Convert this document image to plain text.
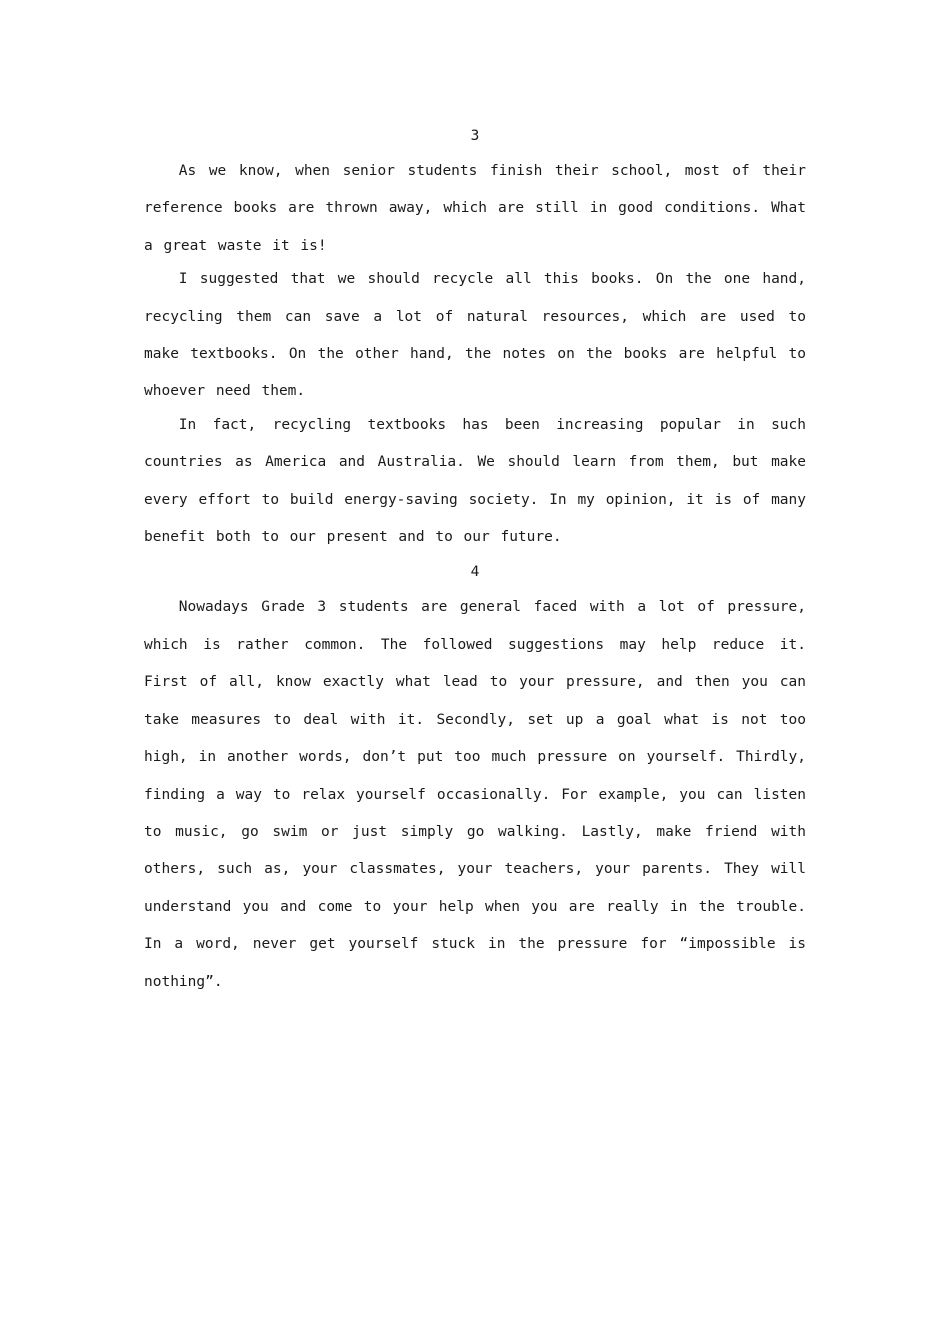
3

As we know, when senior students finish their school, most of their reference books are thrown away, which are still in good conditions. What a great waste it is!

I suggested that we should recycle all this books. On the one hand, recycling them can save a lot of natural resources, which are used to make textbooks. On the other hand, the notes on the books are helpful to whoever need them.

In fact, recycling textbooks has been increasing popular in such countries as America and Australia. We should learn from them, but make every effort to build energy-saving society. In my opinion, it is of many benefit both to our present and to our future.

4

Nowadays Grade 3 students are general faced with a lot of pressure, which is rather common. The followed suggestions may help reduce it. First of all, know exactly what lead to your pressure, and then you can take measures to deal with it. Secondly, set up a goal what is not too high, in another words, don’t put too much pressure on yourself. Thirdly, finding a way to relax yourself occasionally. For example, you can listen to music, go swim or just simply go walking. Lastly, make friend with others, such as, your classmates, your teachers, your parents. They will understand you and come to your help when you are really in the trouble. In a word, never get yourself stuck in the pressure for “impossible is nothing”.
